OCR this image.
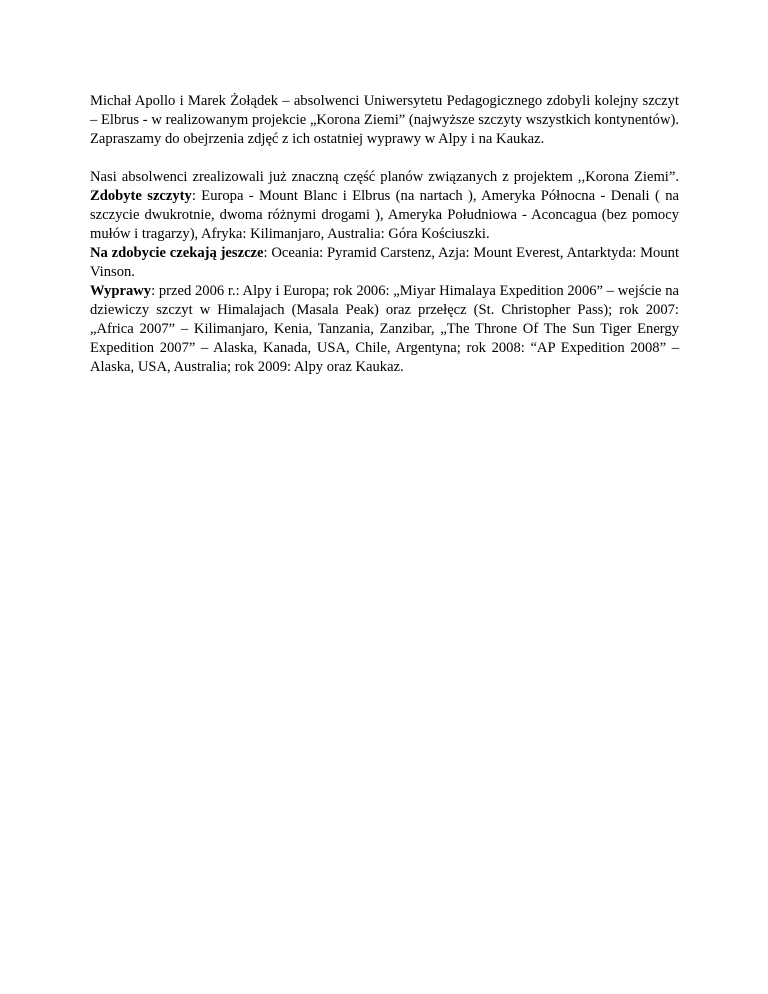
Michał Apollo i Marek Żołądek – absolwenci Uniwersytetu Pedagogicznego zdobyli kolejny szczyt – Elbrus - w realizowanym projekcie „Korona Ziemi” (najwyższe szczyty wszystkich kontynentów). Zapraszamy do obejrzenia zdjęć z ich ostatniej wyprawy w Alpy i na Kaukaz.

Nasi absolwenci zrealizowali już znaczną część planów związanych z projektem ,,Korona Ziemi”. Zdobyte szczyty: Europa - Mount Blanc i Elbrus (na nartach ), Ameryka Północna - Denali ( na szczycie dwukrotnie, dwoma różnymi drogami ), Ameryka Południowa - Aconcagua (bez pomocy mułów i tragarzy), Afryka: Kilimanjaro, Australia: Góra Kościuszki.

Na zdobycie czekają jeszcze: Oceania: Pyramid Carstenz, Azja: Mount Everest, Antarktyda: Mount Vinson.

Wyprawy: przed 2006 r.: Alpy i Europa; rok 2006: „Miyar Himalaya Expedition 2006” – wejście na dziewiczy szczyt w Himalajach (Masala Peak) oraz przełęcz (St. Christopher Pass); rok 2007: „Africa 2007” – Kilimanjaro, Kenia, Tanzania, Zanzibar, „The Throne Of The Sun Tiger Energy Expedition 2007” – Alaska, Kanada, USA, Chile, Argentyna; rok 2008: “AP Expedition 2008” – Alaska, USA, Australia; rok 2009: Alpy oraz Kaukaz.
